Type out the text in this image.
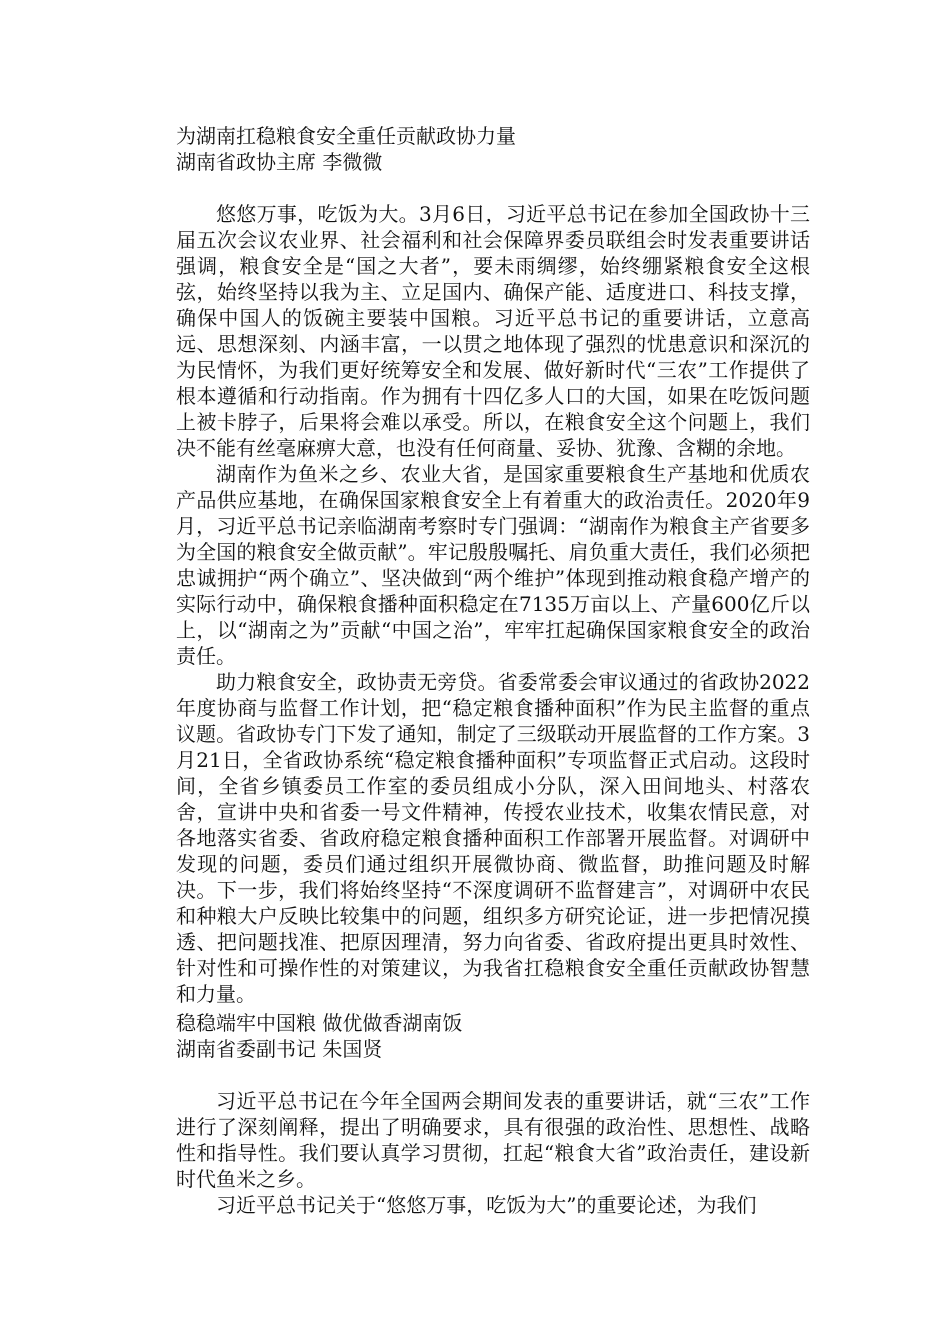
为湖南扛稳粮食安全重任贡献政协力量
湖南省政协主席 李微微

悠悠万事，吃饭为大。3月6日，习近平总书记在参加全国政协十三届五次会议农业界、社会福利和社会保障界委员联组会时发表重要讲话强调，粮食安全是“国之大者”，要未雨绸缪，始终绷紧粮食安全这根弦，始终坚持以我为主、立足国内、确保产能、适度进口、科技支撑，确保中国人的饭碗主要装中国粮。习近平总书记的重要讲话，立意高远、思想深刻、内涵丰富，一以贯之地体现了强烈的忧患意识和深沉的为民情怀，为我们更好统筹安全和发展、做好新时代“三农”工作提供了根本遵循和行动指南。作为拥有十四亿多人口的大国，如果在吃饭问题上被卡脖子，后果将会难以承受。所以，在粮食安全这个问题上，我们决不能有丝毫麻痹大意，也没有任何商量、妥协、犹豫、含糊的余地。

湖南作为鱼米之乡、农业大省，是国家重要粮食生产基地和优质农产品供应基地，在确保国家粮食安全上有着重大的政治责任。2020年9月，习近平总书记亲临湖南考察时专门强调：“湖南作为粮食主产省要多为全国的粮食安全做贡献”。牢记殷殷嘱托、肩负重大责任，我们必须把忠诚拥护“两个确立”、坚决做到“两个维护”体现到推动粮食稳产增产的实际行动中，确保粮食播种面积稳定在7135万亩以上、产量600亿斤以上，以“湖南之为”贡献“中国之治”，牢牢扛起确保国家粮食安全的政治责任。

助力粮食安全，政协责无旁贷。省委常委会审议通过的省政协2022年度协商与监督工作计划，把“稳定粮食播种面积”作为民主监督的重点议题。省政协专门下发了通知，制定了三级联动开展监督的工作方案。3月21日，全省政协系统“稳定粮食播种面积”专项监督正式启动。这段时间，全省乡镇委员工作室的委员组成小分队，深入田间地头、村落农舍，宣讲中央和省委一号文件精神，传授农业技术，收集农情民意，对各地落实省委、省政府稳定粮食播种面积工作部署开展监督。对调研中发现的问题，委员们通过组织开展微协商、微监督，助推问题及时解决。下一步，我们将始终坚持“不深度调研不监督建言”，对调研中农民和种粮大户反映比较集中的问题，组织多方研究论证，进一步把情况摸透、把问题找准、把原因理清，努力向省委、省政府提出更具时效性、针对性和可操作性的对策建议，为我省扛稳粮食安全重任贡献政协智慧和力量。

稳稳端牢中国粮 做优做香湖南饭
湖南省委副书记 朱国贤

习近平总书记在今年全国两会期间发表的重要讲话，就“三农”工作进行了深刻阐释，提出了明确要求，具有很强的政治性、思想性、战略性和指导性。我们要认真学习贯彻，扛起“粮食大省”政治责任，建设新时代鱼米之乡。

习近平总书记关于“悠悠万事，吃饭为大”的重要论述，为我们
